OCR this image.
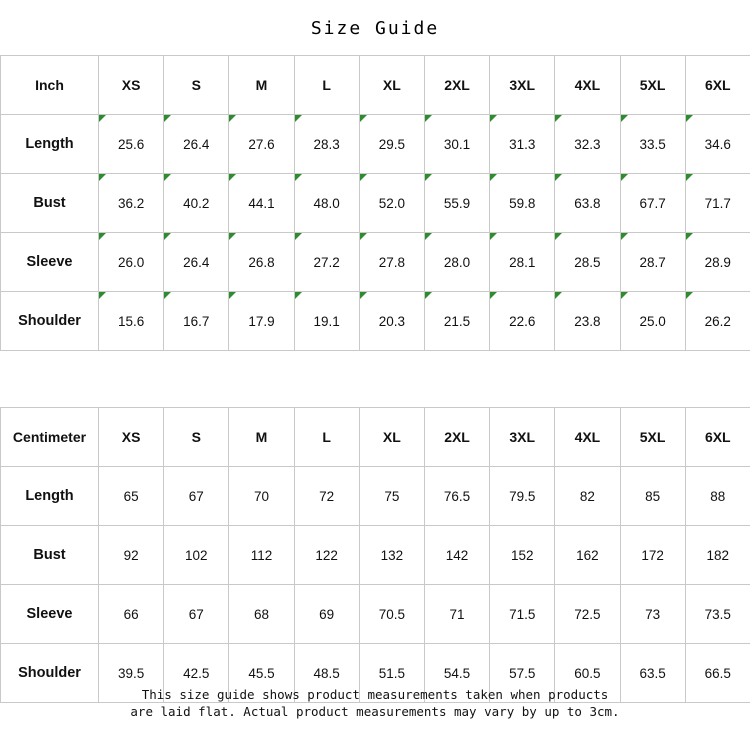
Size Guide
Inch	XS	S	M	L	XL	2XL	3XL	4XL	5XL	6XL
Length	25.6	26.4	27.6	28.3	29.5	30.1	31.3	32.3	33.5	34.6
Bust	36.2	40.2	44.1	48.0	52.0	55.9	59.8	63.8	67.7	71.7
Sleeve	26.0	26.4	26.8	27.2	27.8	28.0	28.1	28.5	28.7	28.9
Shoulder	15.6	16.7	17.9	19.1	20.3	21.5	22.6	23.8	25.0	26.2
Centimeter	XS	S	M	L	XL	2XL	3XL	4XL	5XL	6XL
Length	65	67	70	72	75	76.5	79.5	82	85	88
Bust	92	102	112	122	132	142	152	162	172	182
Sleeve	66	67	68	69	70.5	71	71.5	72.5	73	73.5
Shoulder	39.5	42.5	45.5	48.5	51.5	54.5	57.5	60.5	63.5	66.5
This size guide shows product measurements taken when products
are laid flat. Actual product measurements may vary by up to 3cm.
